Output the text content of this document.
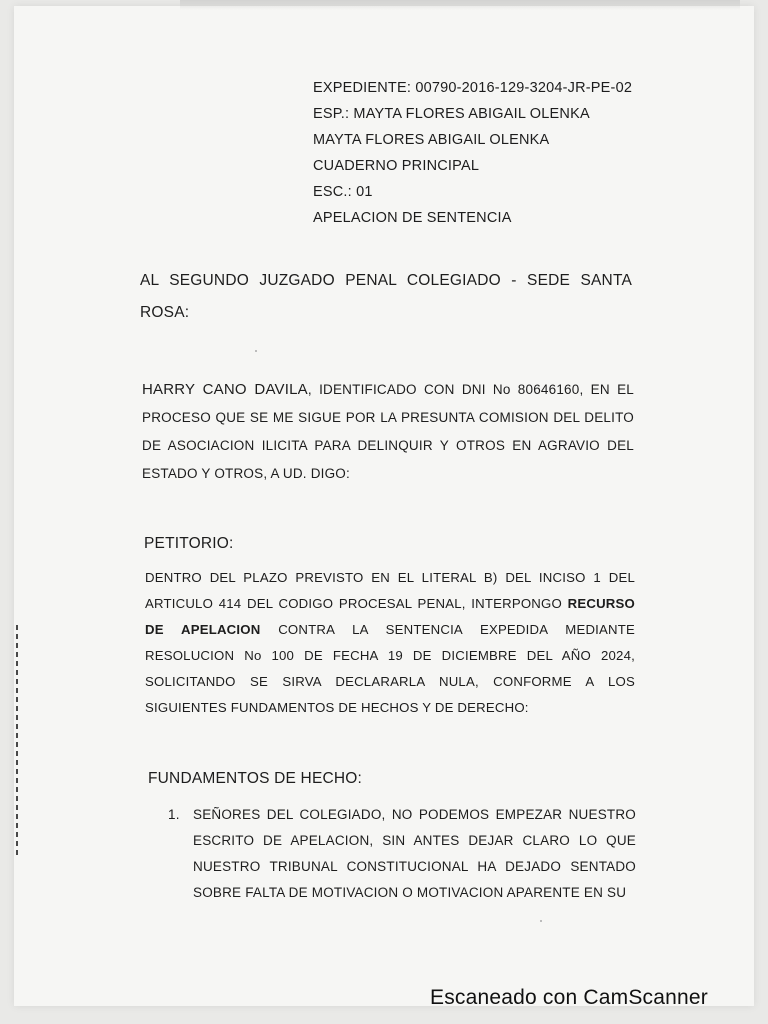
EXPEDIENTE: 00790-2016-129-3204-JR-PE-02
ESP.: MAYTA FLORES ABIGAIL OLENKA
MAYTA FLORES ABIGAIL OLENKA
CUADERNO PRINCIPAL
ESC.: 01
APELACION DE SENTENCIA
AL SEGUNDO JUZGADO PENAL COLEGIADO - SEDE SANTA ROSA:
HARRY CANO DAVILA, IDENTIFICADO CON DNI No 80646160, EN EL PROCESO QUE SE ME SIGUE POR LA PRESUNTA COMISION DEL DELITO DE ASOCIACION ILICITA PARA DELINQUIR Y OTROS EN AGRAVIO DEL ESTADO Y OTROS, A UD. DIGO:
PETITORIO:
DENTRO DEL PLAZO PREVISTO EN EL LITERAL B) DEL INCISO 1 DEL ARTICULO 414 DEL CODIGO PROCESAL PENAL, INTERPONGO RECURSO DE APELACION CONTRA LA SENTENCIA EXPEDIDA MEDIANTE RESOLUCION No 100 DE FECHA 19 DE DICIEMBRE DEL AÑO 2024, SOLICITANDO SE SIRVA DECLARARLA NULA, CONFORME A LOS SIGUIENTES FUNDAMENTOS DE HECHOS Y DE DERECHO:
FUNDAMENTOS DE HECHO:
1. SEÑORES DEL COLEGIADO, NO PODEMOS EMPEZAR NUESTRO ESCRITO DE APELACION, SIN ANTES DEJAR CLARO LO QUE NUESTRO TRIBUNAL CONSTITUCIONAL HA DEJADO SENTADO SOBRE FALTA DE MOTIVACION O MOTIVACION APARENTE EN SU
Escaneado con CamScanner
